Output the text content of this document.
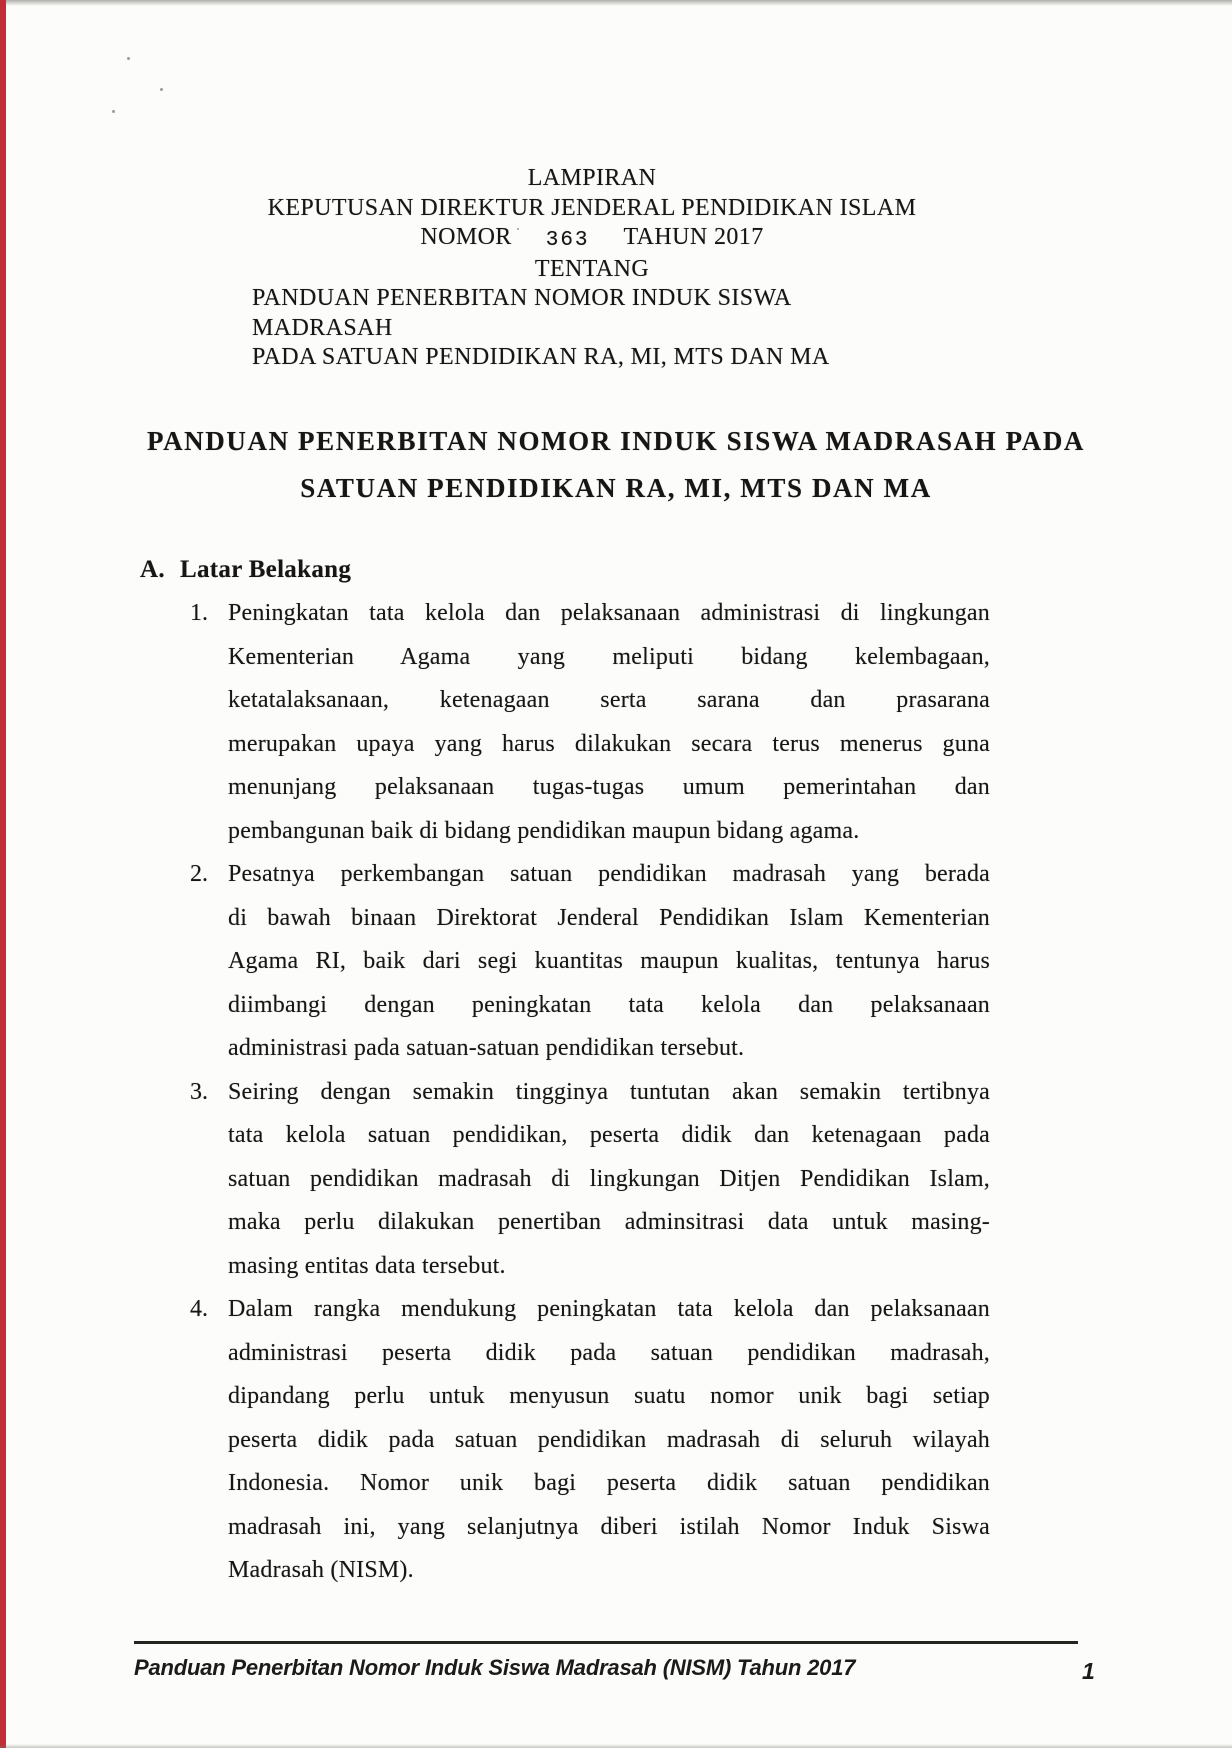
LAMPIRAN
KEPUTUSAN DIREKTUR JENDERAL PENDIDIKAN ISLAM
NOMOR 363 TAHUN 2017
TENTANG
PANDUAN PENERBITAN NOMOR INDUK SISWA MADRASAH
PADA SATUAN PENDIDIKAN RA, MI, MTS DAN MA
PANDUAN PENERBITAN NOMOR INDUK SISWA MADRASAH PADA
SATUAN PENDIDIKAN RA, MI, MTS DAN MA
A. Latar Belakang
1. Peningkatan tata kelola dan pelaksanaan administrasi di lingkungan
Kementerian Agama yang meliputi bidang kelembagaan,
ketatalaksanaan, ketenagaan serta sarana dan prasarana
merupakan upaya yang harus dilakukan secara terus menerus guna
menunjang pelaksanaan tugas-tugas umum pemerintahan dan
pembangunan baik di bidang pendidikan maupun bidang agama.
2. Pesatnya perkembangan satuan pendidikan madrasah yang berada
di bawah binaan Direktorat Jenderal Pendidikan Islam Kementerian
Agama RI, baik dari segi kuantitas maupun kualitas, tentunya harus
diimbangi dengan peningkatan tata kelola dan pelaksanaan
administrasi pada satuan-satuan pendidikan tersebut.
3. Seiring dengan semakin tingginya tuntutan akan semakin tertibnya
tata kelola satuan pendidikan, peserta didik dan ketenagaan pada
satuan pendidikan madrasah di lingkungan Ditjen Pendidikan Islam,
maka perlu dilakukan penertiban adminsitrasi data untuk masing-
masing entitas data tersebut.
4. Dalam rangka mendukung peningkatan tata kelola dan pelaksanaan
administrasi peserta didik pada satuan pendidikan madrasah,
dipandang perlu untuk menyusun suatu nomor unik bagi setiap
peserta didik pada satuan pendidikan madrasah di seluruh wilayah
Indonesia. Nomor unik bagi peserta didik satuan pendidikan
madrasah ini, yang selanjutnya diberi istilah Nomor Induk Siswa
Madrasah (NISM).
Panduan Penerbitan Nomor Induk Siswa Madrasah (NISM) Tahun 2017	1
